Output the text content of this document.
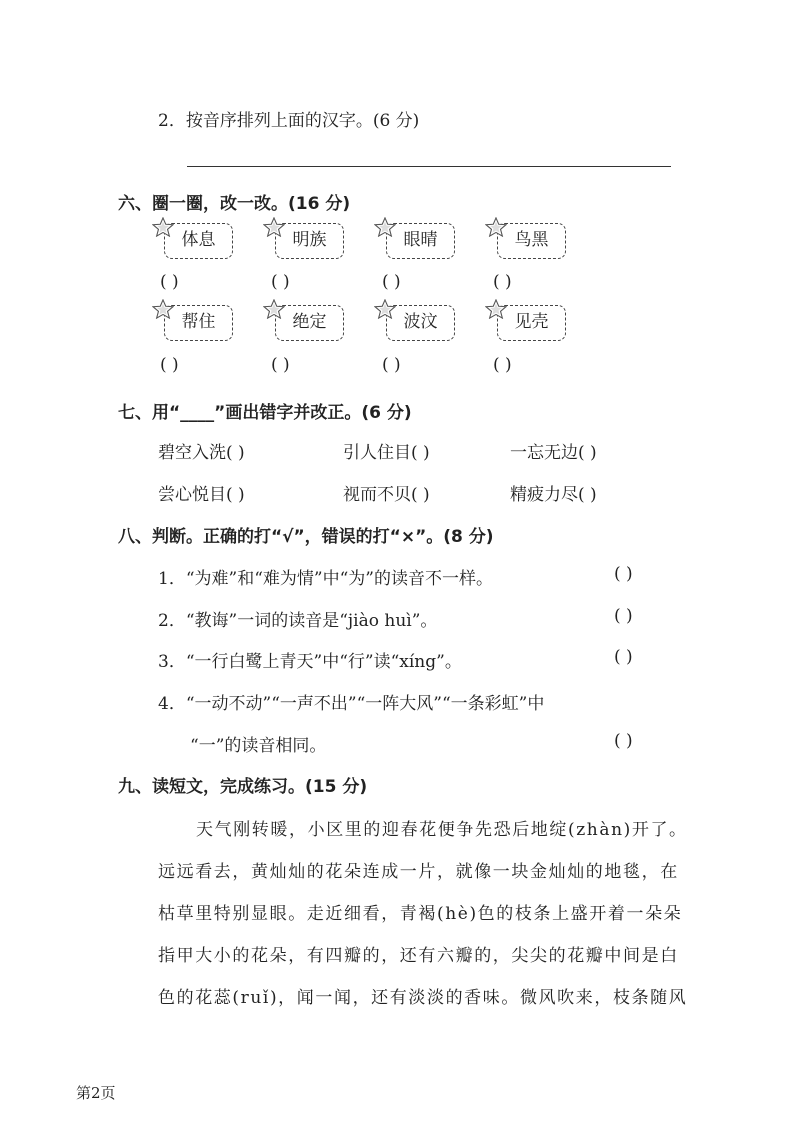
2．按音序排列上面的汉字。(6 分)
六、圈一圈，改一改。(16 分)
体息
( )
明族
( )
眼晴
( )
鸟黑
( )
帮住
( )
绝定
( )
波汶
( )
见壳
( )
七、用“____”画出错字并改正。(6 分)
碧空入洗( )	引人住目( )	一忘无边( )
尝心悦目( )	视而不贝( )	精疲力尽( )
八、判断。正确的打“√”，错误的打“×”。(8 分)
1．“为难”和“难为情”中“为”的读音不一样。	( )
2．“教诲”一词的读音是“jiào huì”。	( )
3．“一行白鹭上青天”中“行”读“xíng”。	( )
4．“一动不动”“一声不出”“一阵大风”“一条彩虹”中
“一”的读音相同。	( )
九、读短文，完成练习。(15 分)
天气刚转暖，小区里的迎春花便争先恐后地绽(zhàn)开了。
远远看去，黄灿灿的花朵连成一片，就像一块金灿灿的地毯，在
枯草里特别显眼。走近细看，青褐(hè)色的枝条上盛开着一朵朵
指甲大小的花朵，有四瓣的，还有六瓣的，尖尖的花瓣中间是白
色的花蕊(ruǐ)，闻一闻，还有淡淡的香味。微风吹来，枝条随风
第2页
